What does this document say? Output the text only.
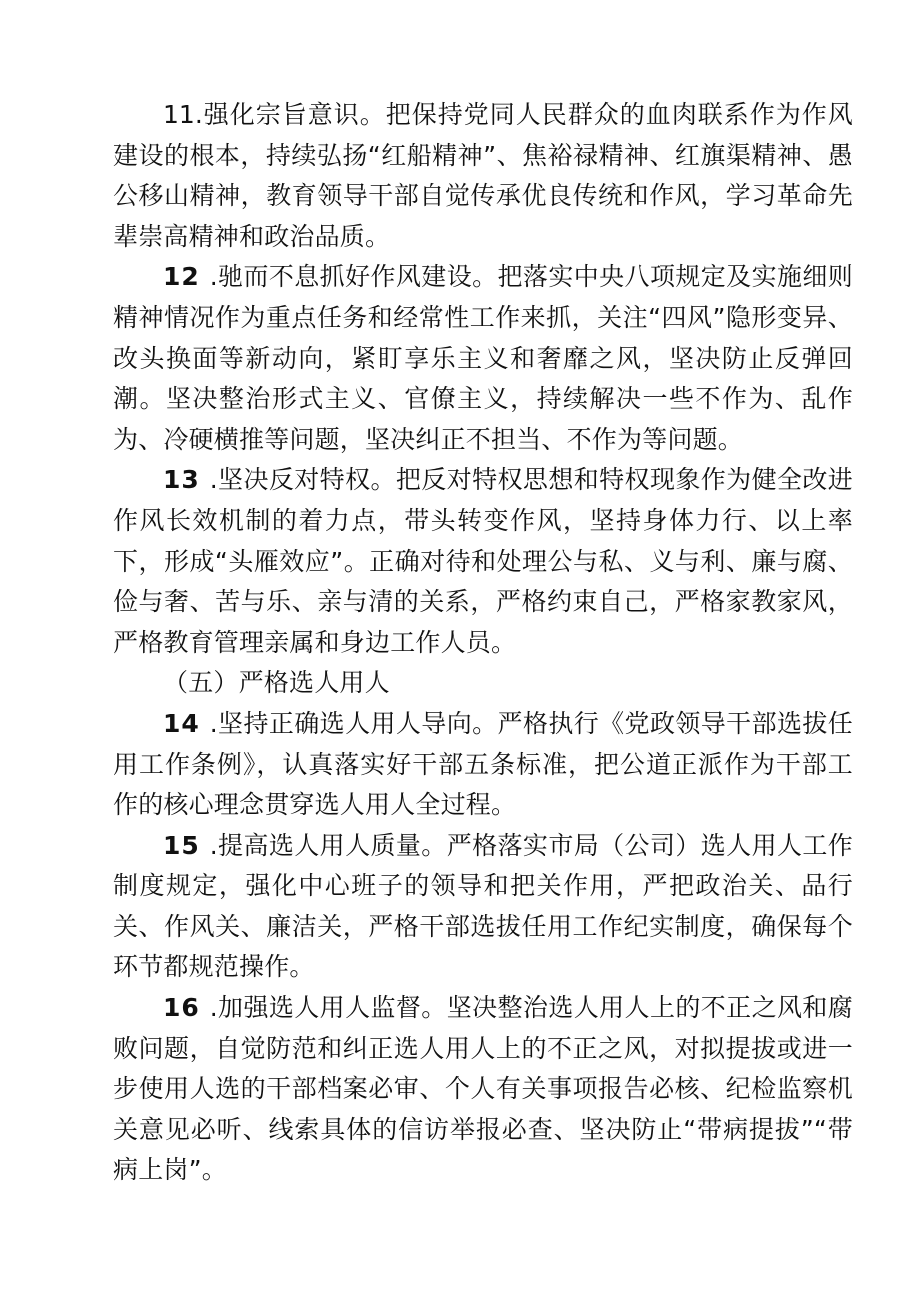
11.强化宗旨意识。把保持党同人民群众的血肉联系作为作风建设的根本，持续弘扬“红船精神”、焦裕禄精神、红旗渠精神、愚公移山精神，教育领导干部自觉传承优良传统和作风，学习革命先辈崇高精神和政治品质。

12 .驰而不息抓好作风建设。把落实中央八项规定及实施细则精神情况作为重点任务和经常性工作来抓，关注“四风”隐形变异、改头换面等新动向，紧盯享乐主义和奢靡之风，坚决防止反弹回潮。坚决整治形式主义、官僚主义，持续解决一些不作为、乱作为、冷硬横推等问题，坚决纠正不担当、不作为等问题。

13 .坚决反对特权。把反对特权思想和特权现象作为健全改进作风长效机制的着力点，带头转变作风，坚持身体力行、以上率下，形成“头雁效应”。正确对待和处理公与私、义与利、廉与腐、俭与奢、苦与乐、亲与清的关系，严格约束自己，严格家教家风，严格教育管理亲属和身边工作人员。

（五）严格选人用人

14 .坚持正确选人用人导向。严格执行《党政领导干部选拔任用工作条例》，认真落实好干部五条标准，把公道正派作为干部工作的核心理念贯穿选人用人全过程。

15 .提高选人用人质量。严格落实市局（公司）选人用人工作制度规定，强化中心班子的领导和把关作用，严把政治关、品行关、作风关、廉洁关，严格干部选拔任用工作纪实制度，确保每个环节都规范操作。

16 .加强选人用人监督。坚决整治选人用人上的不正之风和腐败问题，自觉防范和纠正选人用人上的不正之风，对拟提拔或进一步使用人选的干部档案必审、个人有关事项报告必核、纪检监察机关意见必听、线索具体的信访举报必查、坚决防止“带病提拔”“带病上岗”。
